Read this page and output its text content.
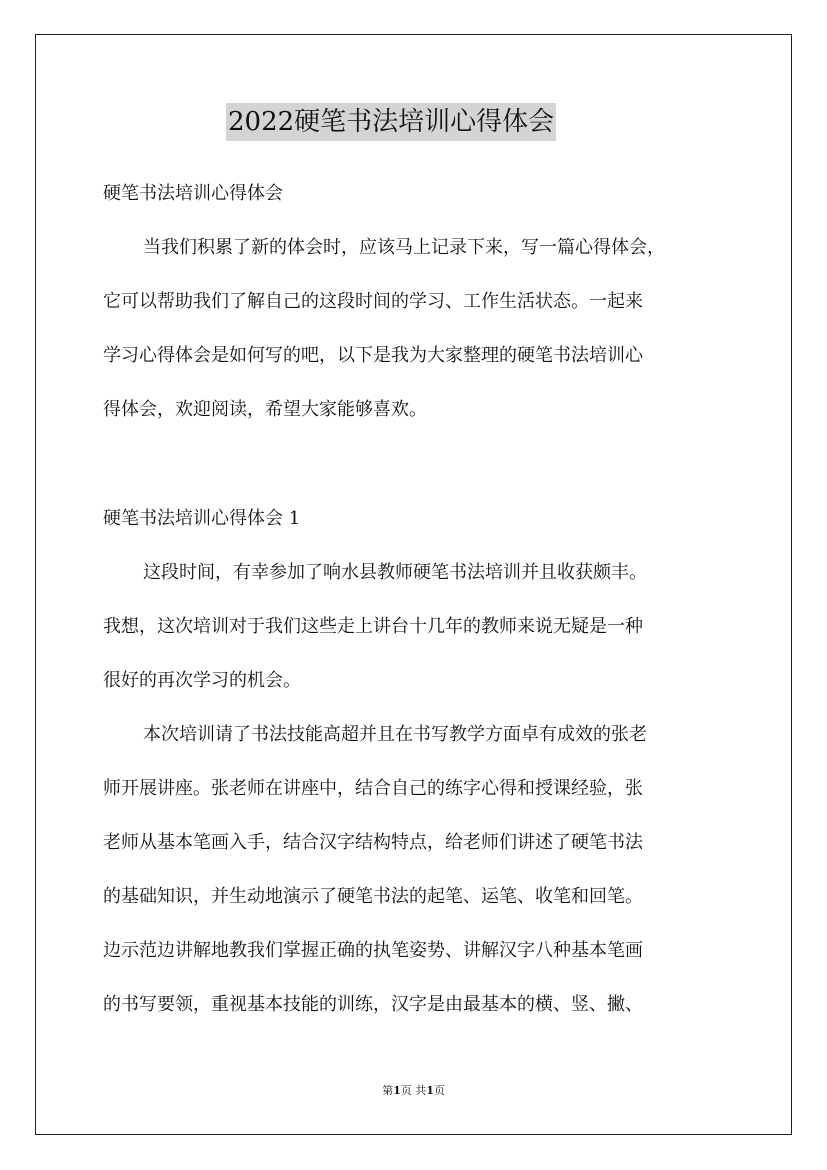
2022硬笔书法培训心得体会
硬笔书法培训心得体会
当我们积累了新的体会时，应该马上记录下来，写一篇心得体会，
它可以帮助我们了解自己的这段时间的学习、工作生活状态。一起来
学习心得体会是如何写的吧，以下是我为大家整理的硬笔书法培训心
得体会，欢迎阅读，希望大家能够喜欢。
硬笔书法培训心得体会 1
这段时间，有幸参加了响水县教师硬笔书法培训并且收获颇丰。
我想，这次培训对于我们这些走上讲台十几年的教师来说无疑是一种
很好的再次学习的机会。
本次培训请了书法技能高超并且在书写教学方面卓有成效的张老
师开展讲座。张老师在讲座中，结合自己的练字心得和授课经验，张
老师从基本笔画入手，结合汉字结构特点，给老师们讲述了硬笔书法
的基础知识，并生动地演示了硬笔书法的起笔、运笔、收笔和回笔。
边示范边讲解地教我们掌握正确的执笔姿势、讲解汉字八种基本笔画
的书写要领，重视基本技能的训练，汉字是由最基本的横、竖、撇、
第1页 共1页
